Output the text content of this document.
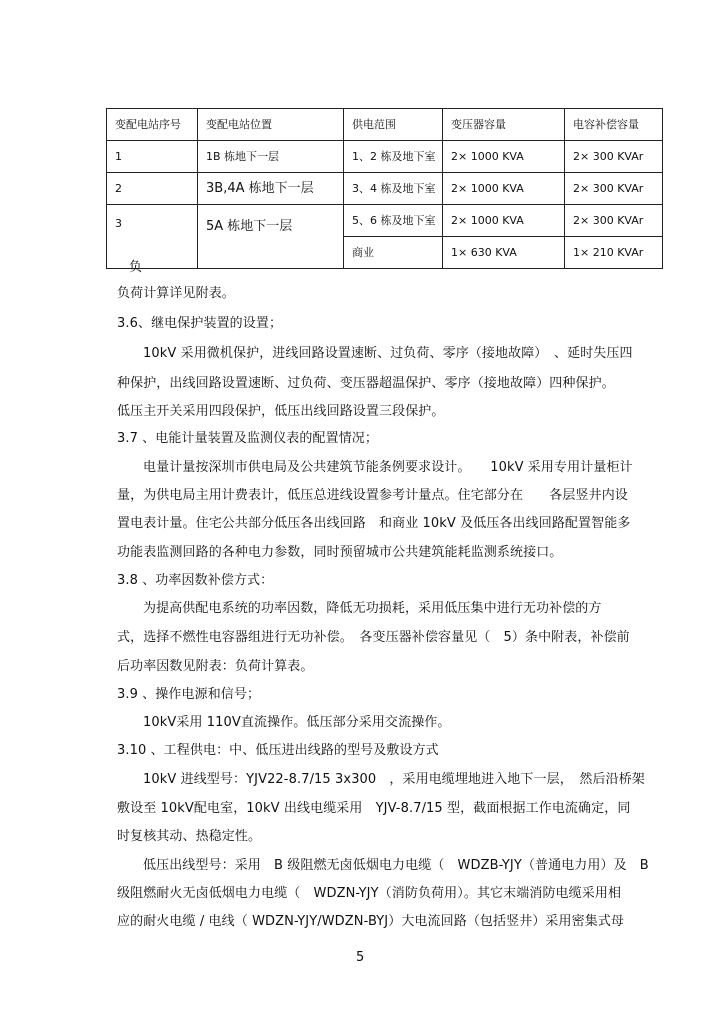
变配电站序号	变配电站位置	供电范围	变压器容量	电容补偿容量
1	1B 栋地下一层	1、2 栋及地下室	2× 1000 KVA	2× 300 KVAr
2	3B,4A 栋地下一层	3、4 栋及地下室	2× 1000 KVA	2× 300 KVAr
3	5A 栋地下一层	5、6 栋及地下室	2× 1000 KVA	2× 300 KVAr
		商业	1× 630 KVA	1× 210 KVAr
负
负荷计算详见附表。
3.6、继电保护装置的设置；
10kV 采用微机保护，进线回路设置速断、过负荷、零序（接地故障）　、延时失压四
种保护，出线回路设置速断、过负荷、变压器超温保护、零序（接地故障）四种保护。
低压主开关采用四段保护，低压出线回路设置三段保护。
3.7 、电能计量装置及监测仪表的配置情况；
电量计量按深圳市供电局及公共建筑节能条例要求设计。　　10kV 采用专用计量柜计
量，为供电局主用计费表计，低压总进线设置参考计量点。住宅部分在　　各层竖井内设
置电表计量。住宅公共部分低压各出线回路　和商业 10kV 及低压各出线回路配置智能多
功能表监测回路的各种电力参数，同时预留城市公共建筑能耗监测系统接口。
3.8 、功率因数补偿方式：
为提高供配电系统的功率因数，降低无功损耗，采用低压集中进行无功补偿的方
式，选择不燃性电容器组进行无功补偿。　各变压器补偿容量见（　5）条中附表，补偿前
后功率因数见附表：负荷计算表。
3.9 、操作电源和信号；
10kV采用 110V直流操作。低压部分采用交流操作。
3.10 、工程供电：中、低压进出线路的型号及敷设方式
10kV 进线型号：YJV22-8.7/15 3x300　，采用电缆埋地进入地下一层，　然后沿桥架
敷设至 10kV配电室，10kV 出线电缆采用　YJV-8.7/15 型，截面根据工作电流确定，同
时复核其动、热稳定性。
低压出线型号：采用　B 级阻燃无卤低烟电力电缆（　WDZB-YJY（普通电力用）及　B
级阻燃耐火无卤低烟电力电缆（　WDZN-YJY（消防负荷用）。其它末端消防电缆采用相
应的耐火电缆 / 电线（ WDZN-YJY/WDZN-BYJ）大电流回路（包括竖井）采用密集式母
5
